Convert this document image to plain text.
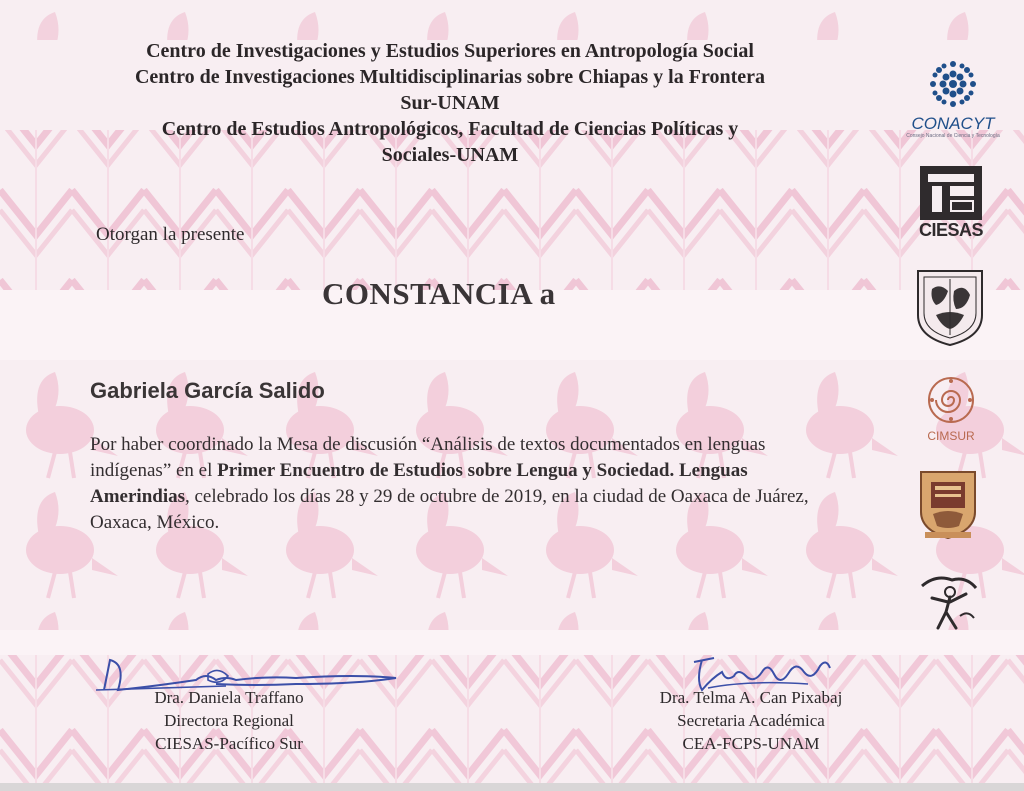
Centro de Investigaciones y Estudios Superiores en Antropología Social
Centro de Investigaciones Multidisciplinarias sobre Chiapas y la Frontera
Sur-UNAM
Centro de Estudios Antropológicos, Facultad de Ciencias Políticas y
Sociales-UNAM
Otorgan la presente
CONSTANCIA a
Gabriela García Salido
Por haber coordinado la Mesa de discusión “Análisis de textos documentados en lenguas indígenas” en el Primer Encuentro de Estudios sobre Lengua y Sociedad. Lenguas Amerindias, celebrado los días 28 y 29 de octubre de 2019, en la ciudad de Oaxaca de Juárez, Oaxaca, México.
Dra. Daniela Traffano
Directora Regional
CIESAS-Pacífico Sur
Dra. Telma A. Can Pixabaj
Secretaria Académica
CEA-FCPS-UNAM
CONACYT
Consejo Nacional de Ciencia y Tecnología
CIESAS
CIMSUR
